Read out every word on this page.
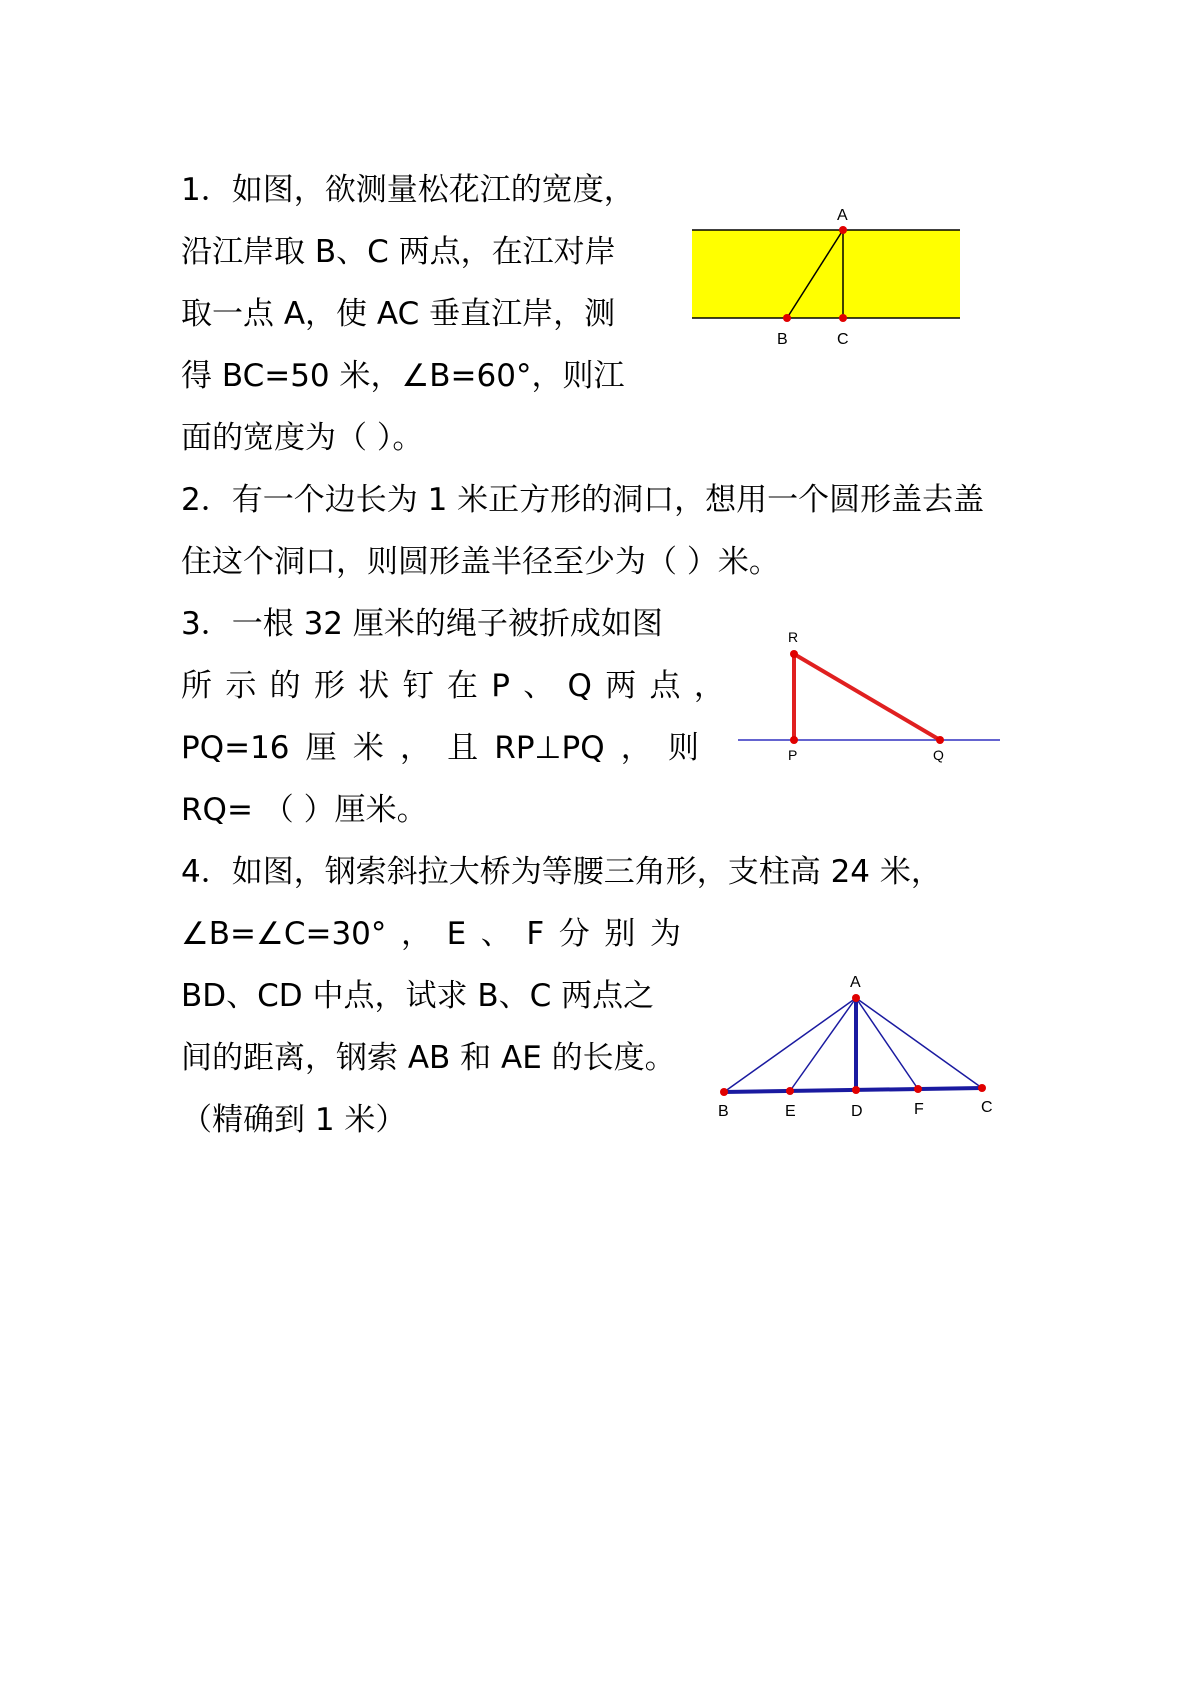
1．如图，欲测量松花江的宽度，
沿江岸取 B、C 两点，在江对岸
取一点 A，使 AC 垂直江岸，测
得 BC=50 米，∠B=60°，则江
面的宽度为（ ）。
A
B	C
2．有一个边长为 1 米正方形的洞口，想用一个圆形盖去盖
住这个洞口，则圆形盖半径至少为（ ）米。
3．一根 32 厘米的绳子被折成如图
所 示 的 形 状 钉 在 P 、 Q 两 点 ，
PQ=16 厘 米 ， 且 RP⊥PQ ， 则
RQ= （ ）厘米。
R
P	Q
4．如图，钢索斜拉大桥为等腰三角形，支柱高 24 米，
∠B=∠C=30° ， E 、 F 分 别 为
BD、CD 中点，试求 B、C 两点之
间的距离，钢索 AB 和 AE 的长度。
（精确到 1 米）
A
B	E	D	F	C
